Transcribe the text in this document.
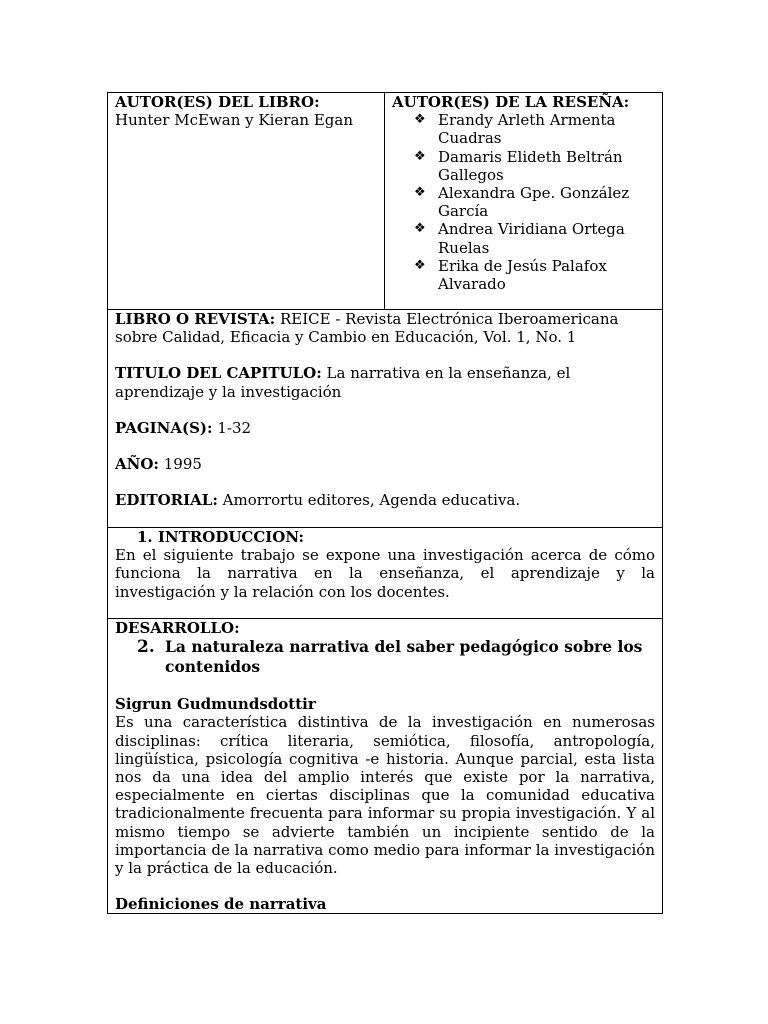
AUTOR(ES) DEL LIBRO:
Hunter McEwan y Kieran Egan

AUTOR(ES) DE LA RESEÑA:
❖ Erandy Arleth Armenta Cuadras
❖ Damaris Elideth Beltrán Gallegos
❖ Alexandra Gpe. González García
❖ Andrea Viridiana Ortega Ruelas
❖ Erika de Jesús Palafox Alvarado

LIBRO O REVISTA: REICE - Revista Electrónica Iberoamericana sobre Calidad, Eficacia y Cambio en Educación, Vol. 1, No. 1
TITULO DEL CAPITULO: La narrativa en la enseñanza, el aprendizaje y la investigación
PAGINA(S): 1-32
AÑO: 1995
EDITORIAL: Amorrortu editores, Agenda educativa.

1. INTRODUCCION:
En el siguiente trabajo se expone una investigación acerca de cómo funciona la narrativa en la enseñanza, el aprendizaje y la investigación y la relación con los docentes.

DESARROLLO:
2. La naturaleza narrativa del saber pedagógico sobre los contenidos
Sigrun Gudmundsdottir
Es una característica distintiva de la investigación en numerosas disciplinas: crítica literaria, semiótica, filosofía, antropología, lingüística, psicología cognitiva -e historia. Aunque parcial, esta lista nos da una idea del amplio interés que existe por la narrativa, especialmente en ciertas disciplinas que la comunidad educativa tradicionalmente frecuenta para informar su propia investigación. Y al mismo tiempo se advierte también un incipiente sentido de la importancia de la narrativa como medio para informar la investigación y la práctica de la educación.
Definiciones de narrativa
